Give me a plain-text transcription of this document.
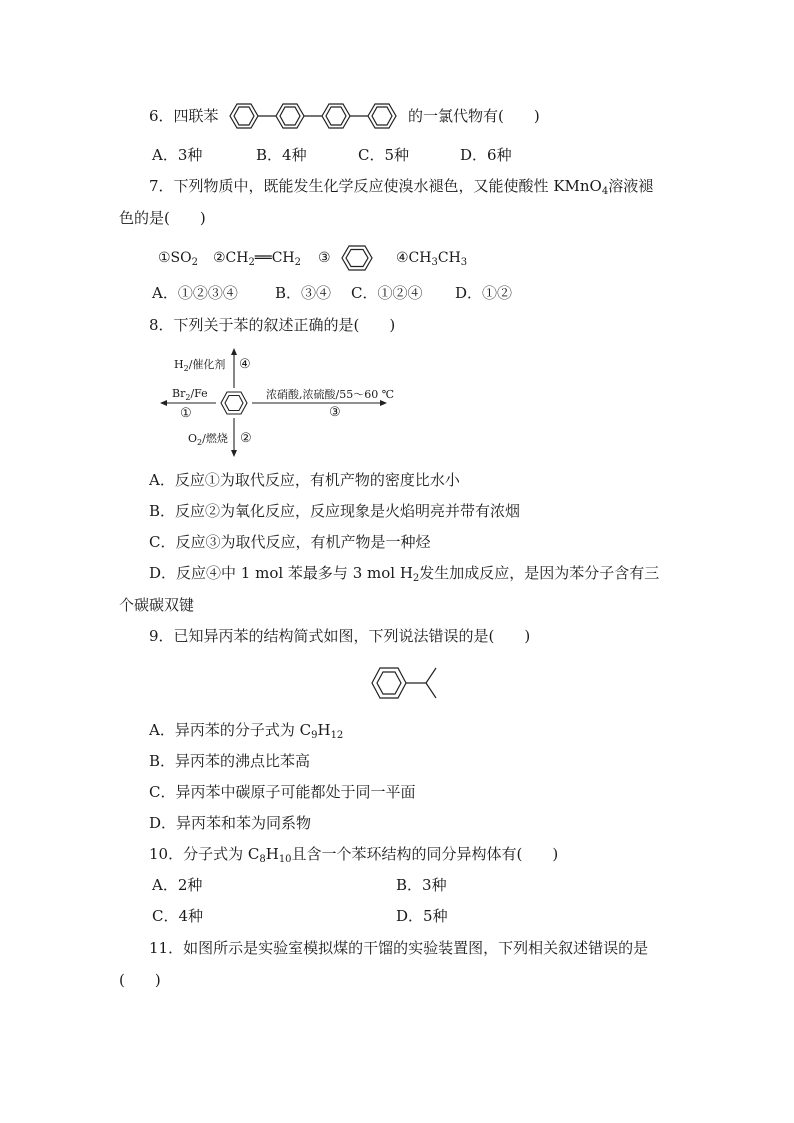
6．四联苯	的一氯代物有(　　)
A．3种	B．4种	C．5种	D．6种
7．下列物质中，既能发生化学反应使溴水褪色，又能使酸性 KMnO$_4$溶液褪
色的是(　　)
$①SO_2$ $②CH_2══CH_2$ ③	$④CH_3CH_3$
A．①②③④ B．③④ C．①②④ D．①②
8．下列关于苯的叙述正确的是(　　)
$H_2/$催化剂 ④
$Br_2/Fe$
①
浓硝酸,浓硫酸/55～60 ℃
③
$O_2/$燃烧 ②
A．反应①为取代反应，有机产物的密度比水小
B．反应②为氧化反应，反应现象是火焰明亮并带有浓烟
C．反应③为取代反应，有机产物是一种烃
D．反应④中 1 mol 苯最多与 3 mol $H_2$发生加成反应，是因为苯分子含有三
个碳碳双键
9．已知异丙苯的结构简式如图，下列说法错误的是(　　)
A．异丙苯的分子式为 $C_9H_{12}$
B．异丙苯的沸点比苯高
C．异丙苯中碳原子可能都处于同一平面
D．异丙苯和苯为同系物
10．分子式为 $C_8H_{10}$且含一个苯环结构的同分异构体有(　　)
A．2种	B．3种
C．4种	D．5种
11．如图所示是实验室模拟煤的干馏的实验装置图，下列相关叙述错误的是
(　　)
